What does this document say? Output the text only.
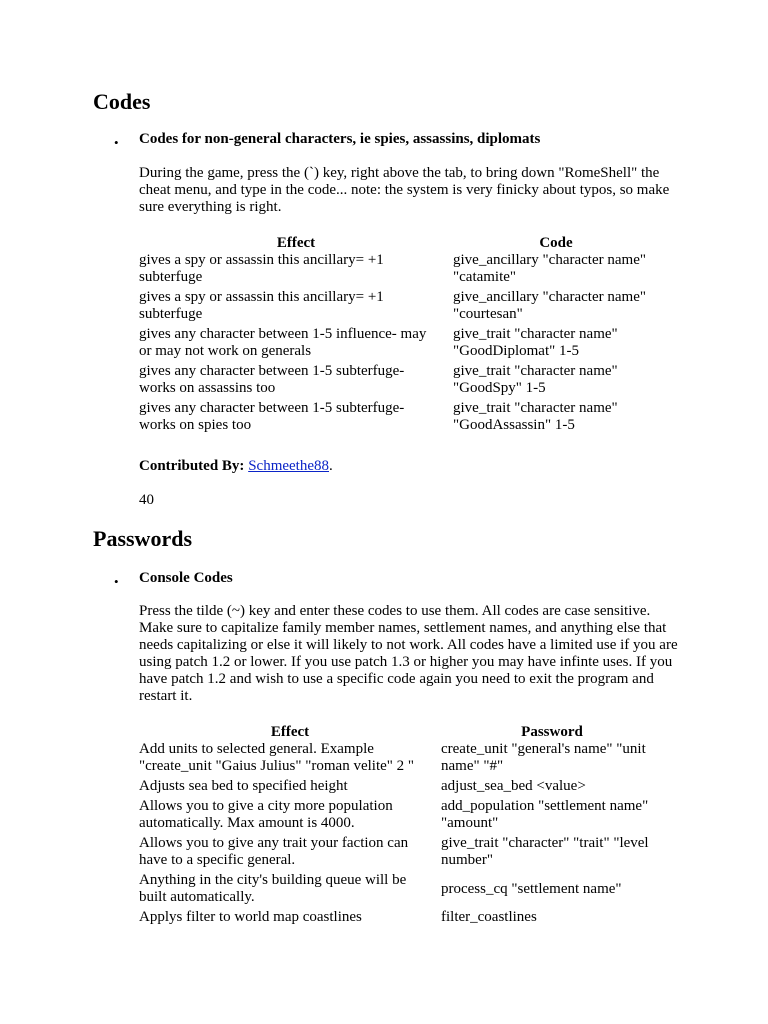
Codes
• Codes for non-general characters, ie spies, assassins, diplomats
During the game, press the (`) key, right above the tab, to bring down "RomeShell" the cheat menu, and type in the code... note: the system is very finicky about typos, so make sure everything is right.
Effect	Code
gives a spy or assassin this ancillary= +1 subterfuge	give_ancillary "character name" "catamite"
gives a spy or assassin this ancillary= +1 subterfuge	give_ancillary "character name" "courtesan"
gives any character between 1-5 influence- may or may not work on generals	give_trait "character name" "GoodDiplomat" 1-5
gives any character between 1-5 subterfuge- works on assassins too	give_trait "character name" "GoodSpy" 1-5
gives any character between 1-5 subterfuge- works on spies too	give_trait "character name" "GoodAssassin" 1-5
Contributed By: Schmeethe88.
40
Passwords
• Console Codes
Press the tilde (~) key and enter these codes to use them. All codes are case sensitive. Make sure to capitalize family member names, settlement names, and anything else that needs capitalizing or else it will likely to not work. All codes have a limited use if you are using patch 1.2 or lower. If you use patch 1.3 or higher you may have infinte uses. If you have patch 1.2 and wish to use a specific code again you need to exit the program and restart it.
Effect	Password
Add units to selected general. Example "create_unit "Gaius Julius" "roman velite" 2 "	create_unit "general's name" "unit name" "#"
Adjusts sea bed to specified height	adjust_sea_bed <value>
Allows you to give a city more population automatically. Max amount is 4000.	add_population "settlement name" "amount"
Allows you to give any trait your faction can have to a specific general.	give_trait "character" "trait" "level number"
Anything in the city's building queue will be built automatically.	process_cq "settlement name"
Applys filter to world map coastlines	filter_coastlines
